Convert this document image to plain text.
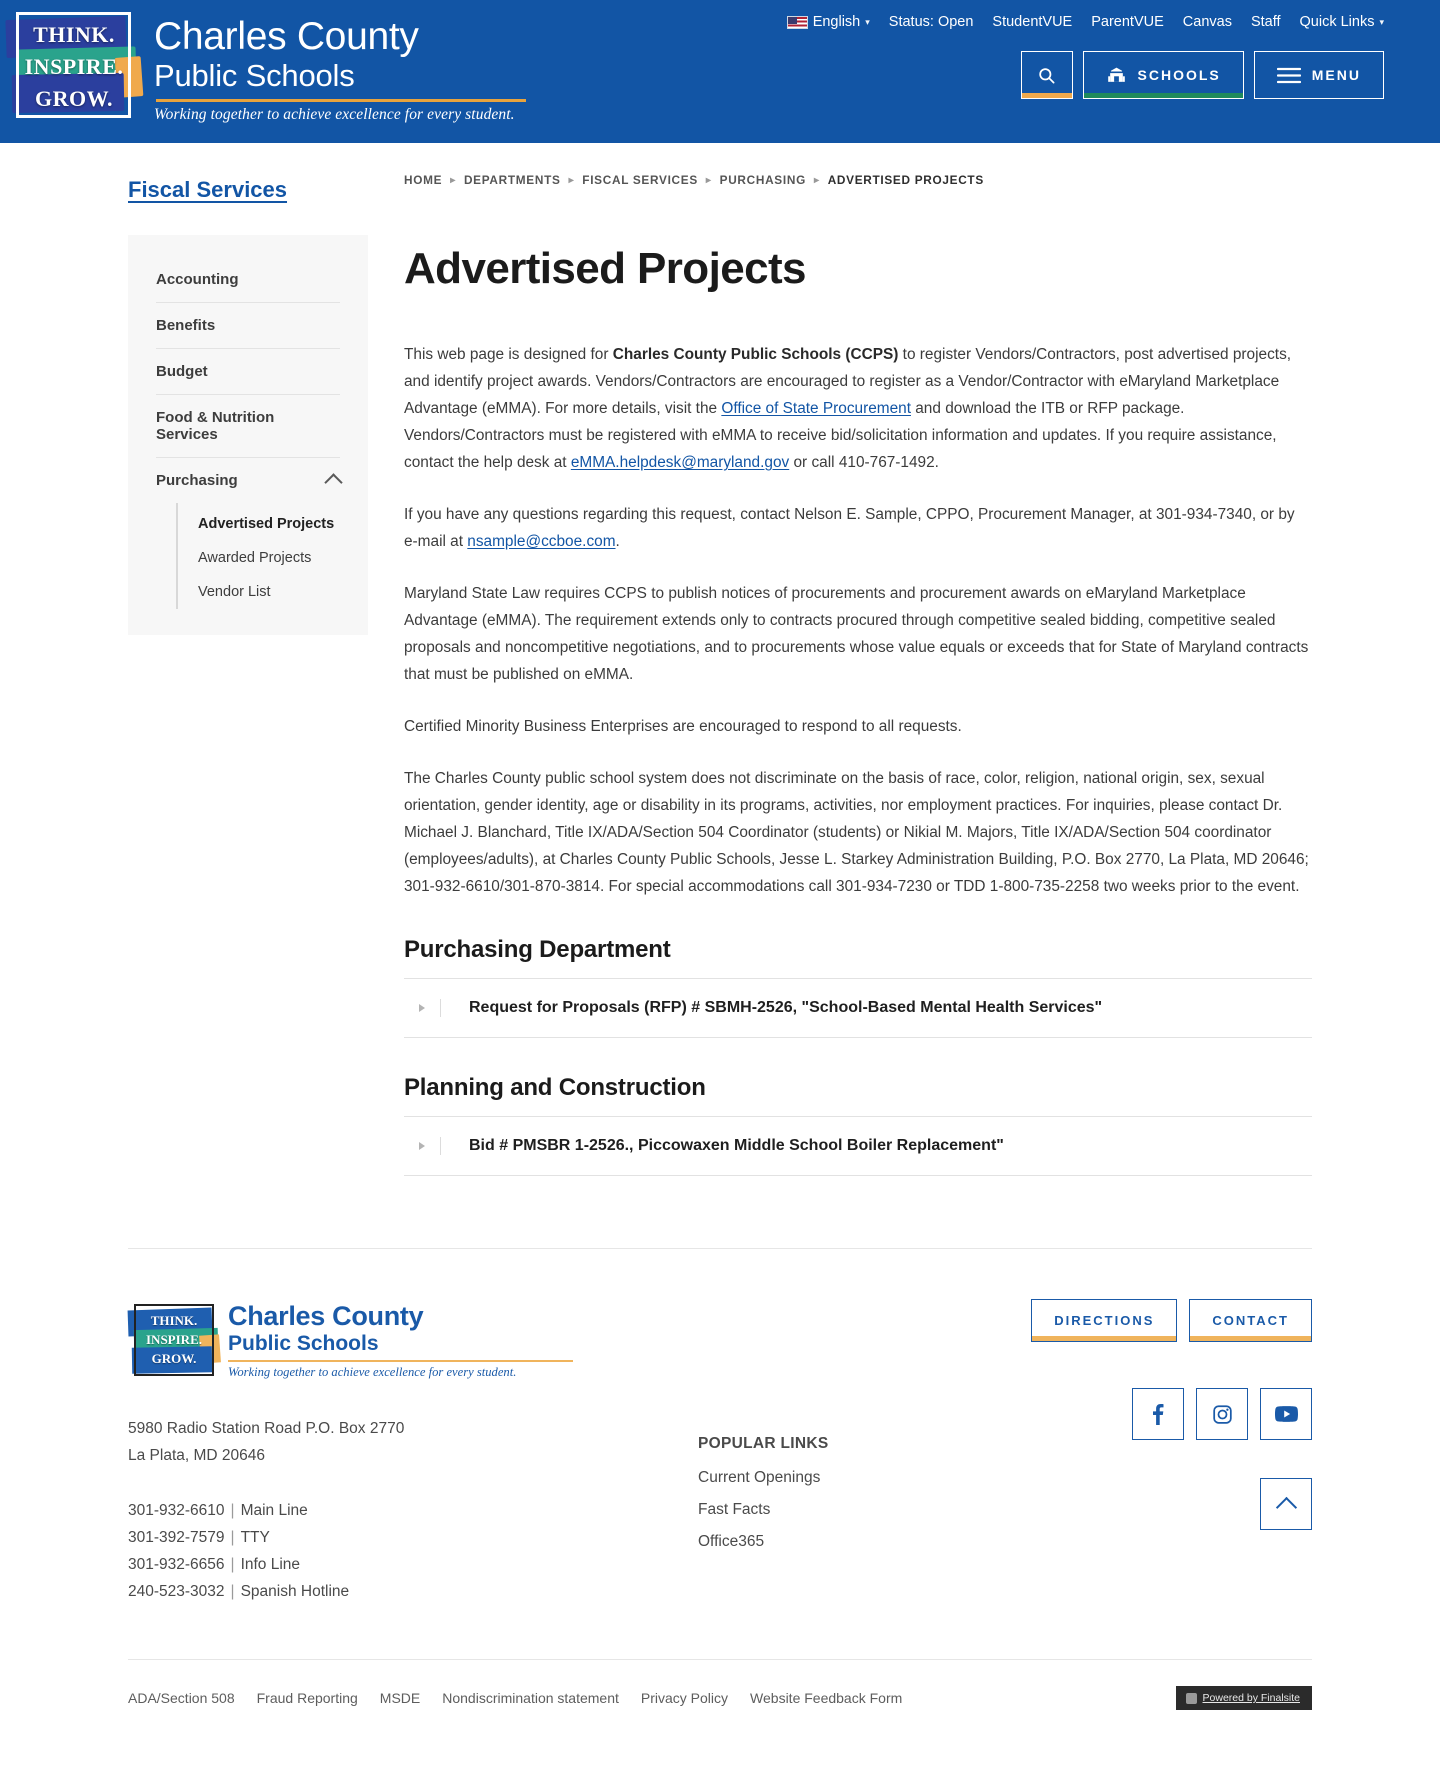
THINK.
INSPIRE.
GROW.
Charles County
Public Schools
Working together to achieve excellence for every student.
English ▾ Status: Open StudentVUE ParentVUE Canvas Staff Quick Links ▾
SCHOOLS	MENU
Fiscal Services
Accounting
Benefits
Budget
Food & Nutrition Services
Purchasing
Advertised Projects
Awarded Projects
Vendor List
HOME ▸ DEPARTMENTS ▸ FISCAL SERVICES ▸ PURCHASING ▸ ADVERTISED PROJECTS
Advertised Projects

This web page is designed for Charles County Public Schools (CCPS) to register Vendors/Contractors, post advertised projects, and identify project awards. Vendors/Contractors are encouraged to register as a Vendor/Contractor with eMaryland Marketplace Advantage (eMMA). For more details, visit the Office of State Procurement and download the ITB or RFP package. Vendors/Contractors must be registered with eMMA to receive bid/solicitation information and updates. If you require assistance, contact the help desk at eMMA.helpdesk@maryland.gov or call 410-767-1492.

If you have any questions regarding this request, contact Nelson E. Sample, CPPO, Procurement Manager, at 301-934-7340, or by e-mail at nsample@ccboe.com.

Maryland State Law requires CCPS to publish notices of procurements and procurement awards on eMaryland Marketplace Advantage (eMMA). The requirement extends only to contracts procured through competitive sealed bidding, competitive sealed proposals and noncompetitive negotiations, and to procurements whose value equals or exceeds that for State of Maryland contracts that must be published on eMMA.

Certified Minority Business Enterprises are encouraged to respond to all requests.

The Charles County public school system does not discriminate on the basis of race, color, religion, national origin, sex, sexual orientation, gender identity, age or disability in its programs, activities, nor employment practices. For inquiries, please contact Dr. Michael J. Blanchard, Title IX/ADA/Section 504 Coordinator (students) or Nikial M. Majors, Title IX/ADA/Section 504 coordinator (employees/adults), at Charles County Public Schools, Jesse L. Starkey Administration Building, P.O. Box 2770, La Plata, MD 20646; 301-932-6610/301-870-3814. For special accommodations call 301-934-7230 or TDD 1-800-735-2258 two weeks prior to the event.

Purchasing Department
Request for Proposals (RFP) # SBMH-2526, "School-Based Mental Health Services"
Planning and Construction
Bid # PMSBR 1-2526., Piccowaxen Middle School Boiler Replacement"
THINK.
INSPIRE.
GROW.
Charles County
Public Schools
Working together to achieve excellence for every student.
5980 Radio Station Road P.O. Box 2770
La Plata, MD 20646
301-932-6610 | Main Line
301-392-7579 | TTY
301-932-6656 | Info Line
240-523-3032 | Spanish Hotline
POPULAR LINKS
Current Openings
Fast Facts
Office365
DIRECTIONS	CONTACT
ADA/Section 508 Fraud Reporting MSDE Nondiscrimination statement Privacy Policy Website Feedback Form	Powered by Finalsite
